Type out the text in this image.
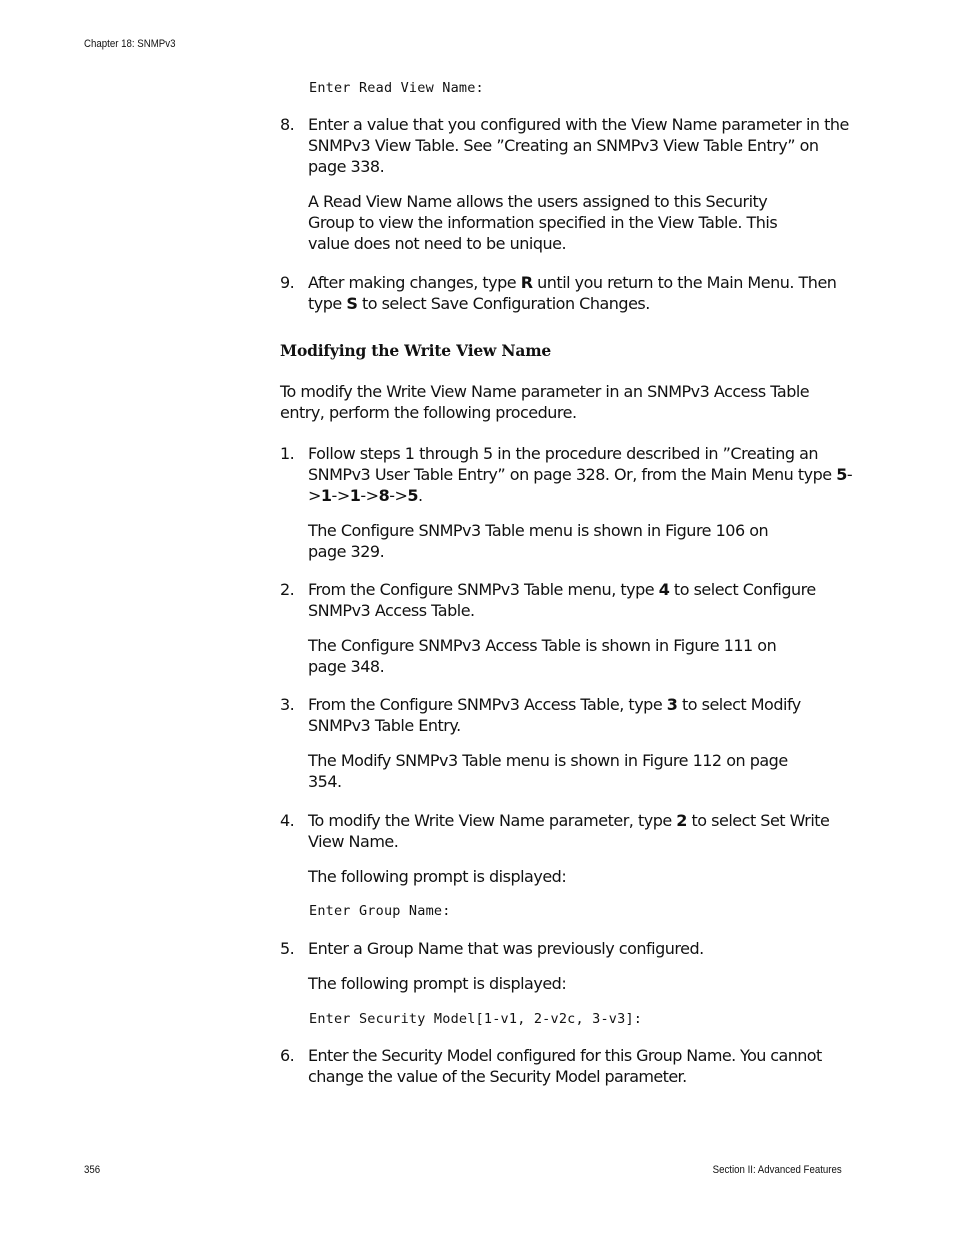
Chapter 18: SNMPv3
Enter Read View Name:
8. Enter a value that you configured with the View Name parameter in the SNMPv3 View Table. See ”Creating an SNMPv3 View Table Entry” on page 338.
A Read View Name allows the users assigned to this Security Group to view the information specified in the View Table. This value does not need to be unique.
9. After making changes, type R until you return to the Main Menu. Then type S to select Save Configuration Changes.
Modifying the Write View Name
To modify the Write View Name parameter in an SNMPv3 Access Table entry, perform the following procedure.
1. Follow steps 1 through 5 in the procedure described in ”Creating an SNMPv3 User Table Entry” on page 328. Or, from the Main Menu type 5->1->1->8->5.
The Configure SNMPv3 Table menu is shown in Figure 106 on page 329.
2. From the Configure SNMPv3 Table menu, type 4 to select Configure SNMPv3 Access Table.
The Configure SNMPv3 Access Table is shown in Figure 111 on page 348.
3. From the Configure SNMPv3 Access Table, type 3 to select Modify SNMPv3 Table Entry.
The Modify SNMPv3 Table menu is shown in Figure 112 on page 354.
4. To modify the Write View Name parameter, type 2 to select Set Write View Name.
The following prompt is displayed:
Enter Group Name:
5. Enter a Group Name that was previously configured.
The following prompt is displayed:
Enter Security Model[1-v1, 2-v2c, 3-v3]:
6. Enter the Security Model configured for this Group Name. You cannot change the value of the Security Model parameter.
356	Section II: Advanced Features
